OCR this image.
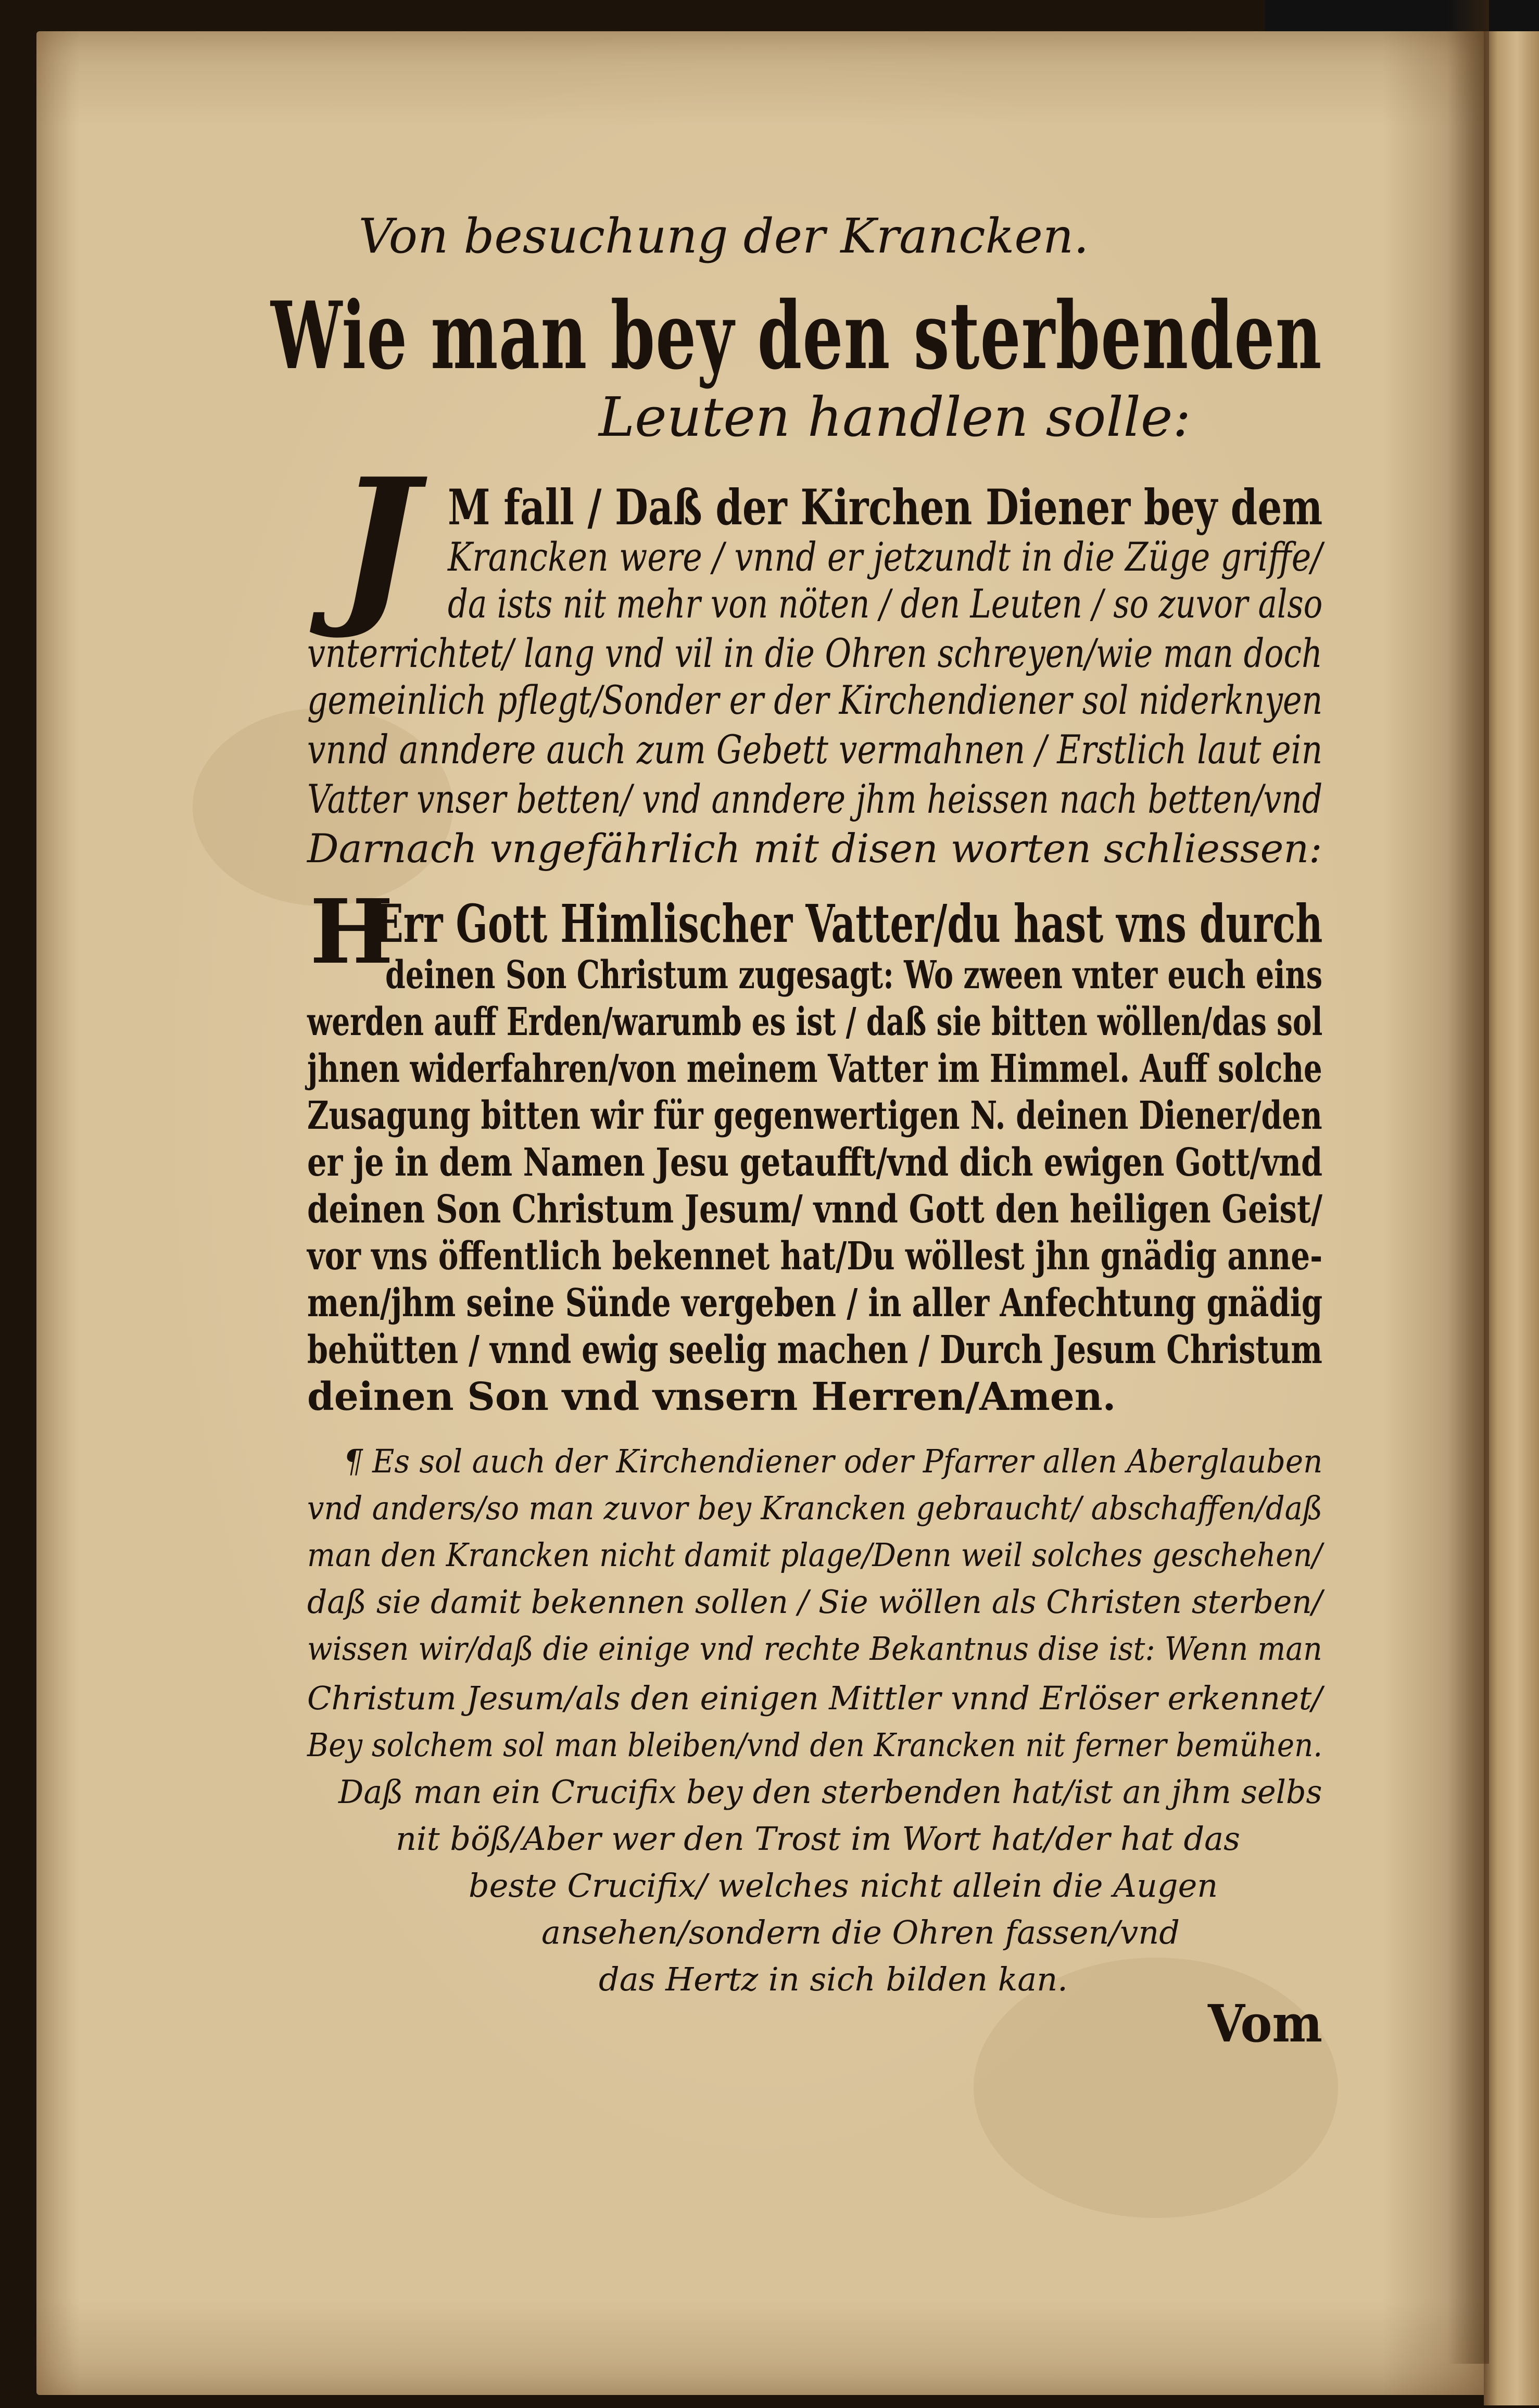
Von besuchung der Krancken.
Wie man bey den sterbenden
Leuten handlen solle:
J M fall / Daß der Kirchen Diener bey dem
Krancken were / vnnd er jetzundt in die Züge griffe/
da ists nit mehr von nöten / den Leuten / so zuvor also
vnterrichtet/ lang vnd vil in die Ohren schreyen/wie man doch
gemeinlich pflegt/Sonder er der Kirchendiener sol niderknyen
vnnd anndere auch zum Gebett vermahnen / Erstlich laut ein
Vatter vnser betten/ vnd anndere jhm heissen nach betten/vnd
Darnach vngefährlich mit disen worten schliessen:
H
Err Gott Himlischer Vatter/du hast vns durch
deinen Son Christum zugesagt: Wo zween vnter euch eins
werden auff Erden/warumb es ist / daß sie bitten wöllen/das sol
jhnen widerfahren/von meinem Vatter im Himmel. Auff solche
Zusagung bitten wir für gegenwertigen N. deinen Diener/den
er je in dem Namen Jesu getaufft/vnd dich ewigen Gott/vnd
deinen Son Christum Jesum/ vnnd Gott den heiligen Geist/
vor vns öffentlich bekennet hat/Du wöllest jhn gnädig anne-
men/jhm seine Sünde vergeben / in aller Anfechtung gnädig
behütten / vnnd ewig seelig machen / Durch Jesum Christum
deinen Son vnd vnsern Herren/Amen.
¶ Es sol auch der Kirchendiener oder Pfarrer allen Aberglauben
vnd anders/so man zuvor bey Krancken gebraucht/ abschaffen/daß
man den Krancken nicht damit plage/Denn weil solches geschehen/
daß sie damit bekennen sollen / Sie wöllen als Christen sterben/
wissen wir/daß die einige vnd rechte Bekantnus dise ist: Wenn man
Christum Jesum/als den einigen Mittler vnnd Erlöser erkennet/
Bey solchem sol man bleiben/vnd den Krancken nit ferner bemühen.
Daß man ein Crucifix bey den sterbenden hat/ist an jhm selbs
nit böß/Aber wer den Trost im Wort hat/der hat das
beste Crucifix/ welches nicht allein die Augen
ansehen/sondern die Ohren fassen/vnd
das Hertz in sich bilden kan.
Vom
